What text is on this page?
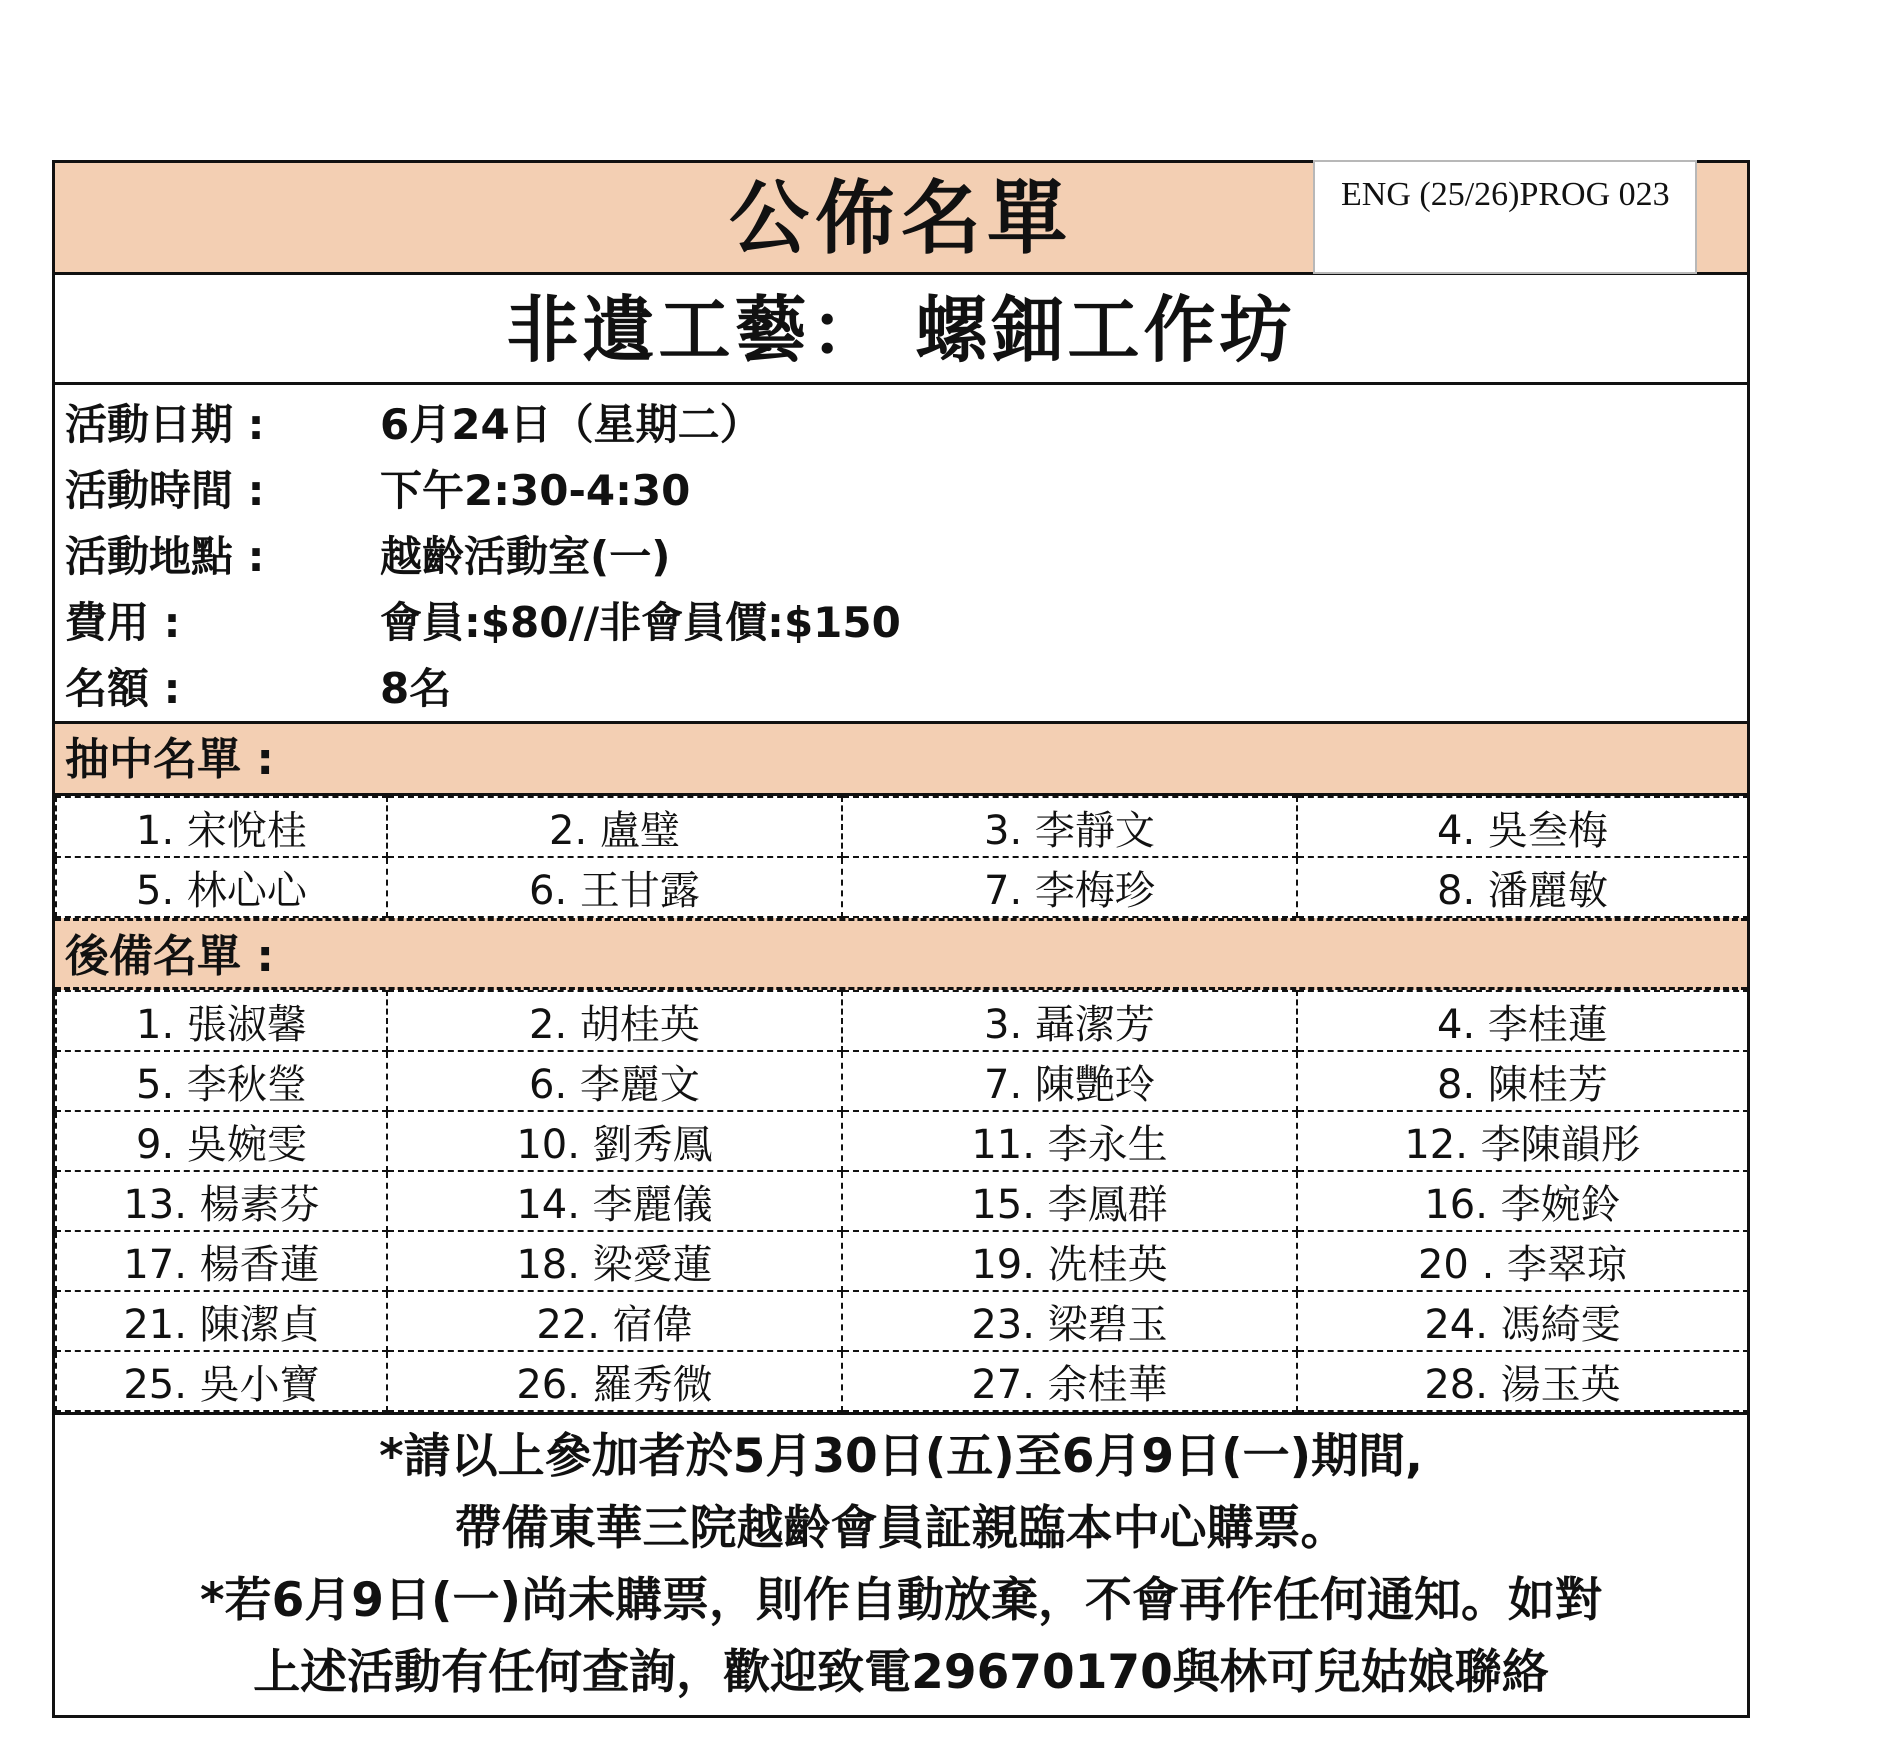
公佈名單	ENG (25/26)PROG 023
非遺工藝： 螺鈿工作坊
活動日期 :	6月24日（星期二）
活動時間 :	下午2:30-4:30
活動地點 :	越齡活動室(一)
費用 :	會員:$80//非會員價:$150
名額 :	8名
抽中名單 :
1. 宋悅桂	2. 盧璧	3. 李靜文	4. 吳叁梅
5. 林心心	6. 王甘露	7. 李梅珍	8. 潘麗敏
後備名單 :
1. 張淑馨	2. 胡桂英	3. 聶潔芳	4. 李桂蓮
5. 李秋瑩	6. 李麗文	7. 陳艷玲	8. 陳桂芳
9. 吳婉雯	10. 劉秀鳳	11. 李永生	12. 李陳韻彤
13. 楊素芬	14. 李麗儀	15. 李鳳群	16. 李婉鈴
17. 楊香蓮	18. 梁愛蓮	19. 冼桂英	20 . 李翠琼
21. 陳潔貞	22. 宿偉	23. 梁碧玉	24. 馮綺雯
25. 吳小寶	26. 羅秀微	27. 余桂華	28. 湯玉英
*請以上參加者於5月30日(五)至6月9日(一)期間,
帶備東華三院越齡會員証親臨本中心購票。
*若6月9日(一)尚未購票，則作自動放棄，不會再作任何通知。如對
上述活動有任何查詢，歡迎致電29670170與林可兒姑娘聯絡
